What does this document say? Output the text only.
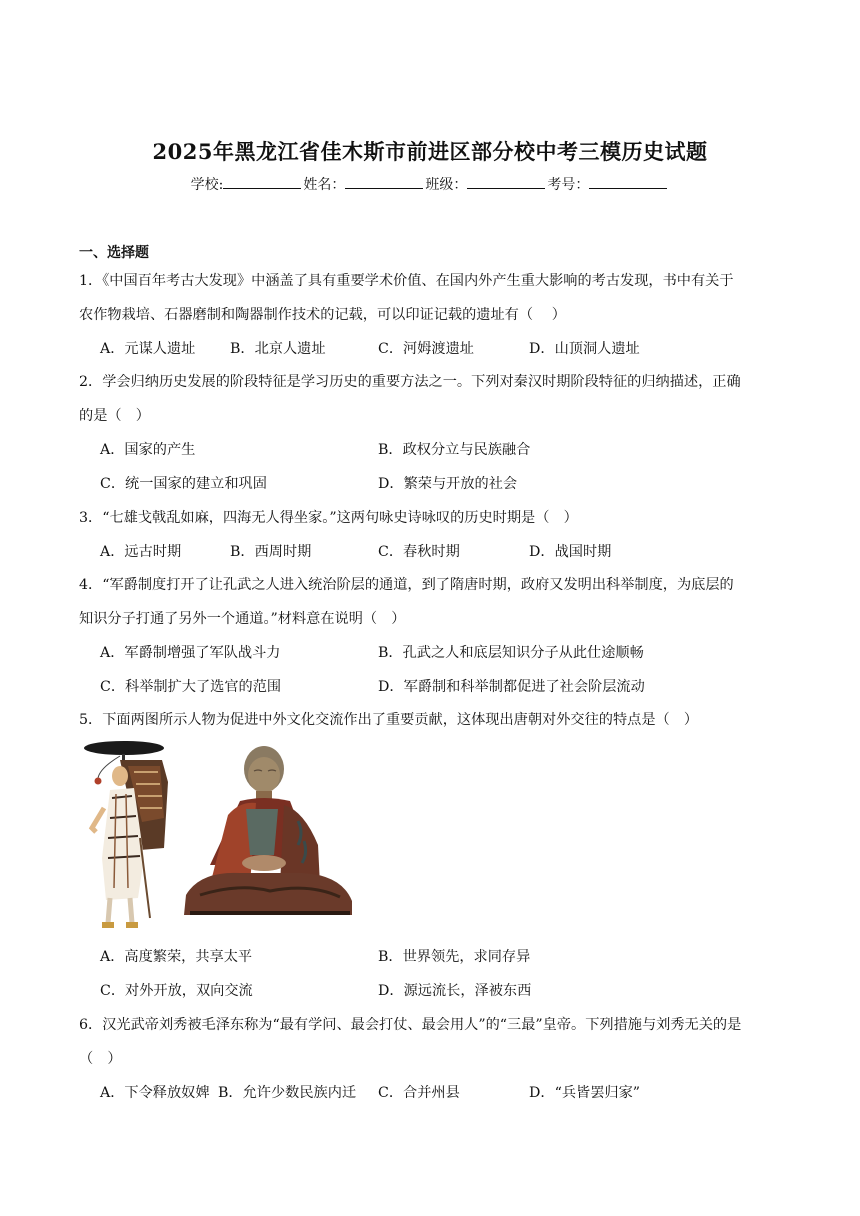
2025年黑龙江省佳木斯市前进区部分校中考三模历史试题
学校:	姓名：	班级：	考号：
一、选择题
1．《中国百年考古大发现》中涵盖了具有重要学术价值、在国内外产生重大影响的考古发现，书中有关于
农作物栽培、石器磨制和陶器制作技术的记载，可以印证记载的遗址有（　 ）
A．元谋人遗址 B．北京人遗址	C．河姆渡遗址	D．山顶洞人遗址
2．学会归纳历史发展的阶段特征是学习历史的重要方法之一。下列对秦汉时期阶段特征的归纳描述，正确
的是（　）
A．国家的产生	B．政权分立与民族融合
C．统一国家的建立和巩固	D．繁荣与开放的社会
3．“七雄戈戟乱如麻，四海无人得坐家。”这两句咏史诗咏叹的历史时期是（　）
A．远古时期	B．西周时期	C．春秋时期	D．战国时期
4．“军爵制度打开了让孔武之人进入统治阶层的通道，到了隋唐时期，政府又发明出科举制度，为底层的
知识分子打通了另外一个通道。”材料意在说明（　）
A．军爵制增强了军队战斗力	B．孔武之人和底层知识分子从此仕途顺畅
C．科举制扩大了选官的范围	D．军爵制和科举制都促进了社会阶层流动
5．下面两图所示人物为促进中外文化交流作出了重要贡献，这体现出唐朝对外交往的特点是（　）
A．高度繁荣，共享太平	B．世界领先，求同存异
C．对外开放，双向交流	D．源远流长，泽被东西
6．汉光武帝刘秀被毛泽东称为“最有学问、最会打仗、最会用人”的“三最”皇帝。下列措施与刘秀无关的是
（　）
A．下令释放奴婢 B．允许少数民族内迁 C．合并州县	D．“兵皆罢归家”
